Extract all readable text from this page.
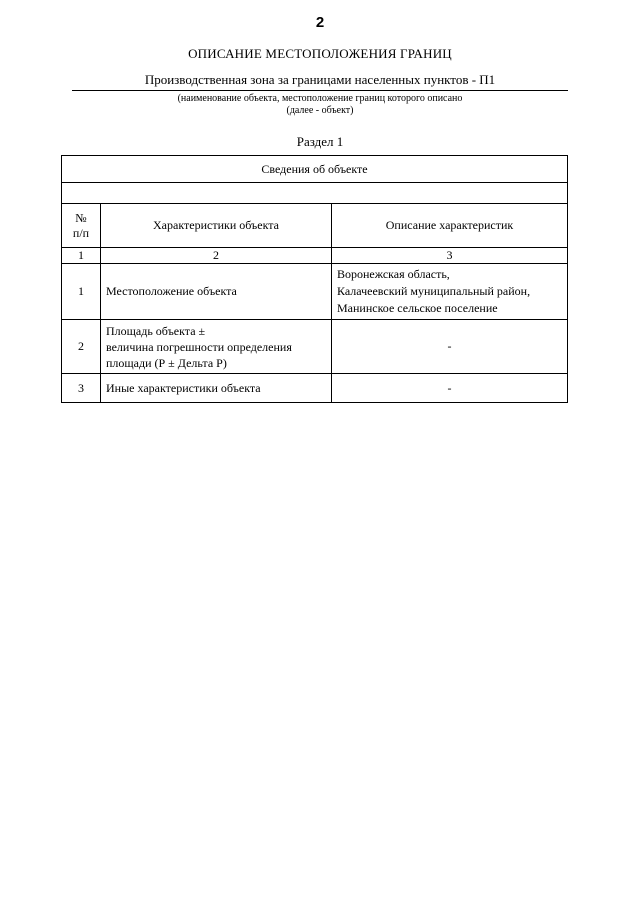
2
ОПИСАНИЕ МЕСТОПОЛОЖЕНИЯ ГРАНИЦ
Производственная зона за границами населенных пунктов - П1
(наименование объекта, местоположение границ которого описано
(далее - объект)
Раздел 1
Сведения об объекте		

№
п/п	Характеристики объекта	Описание характеристик
1	2	3
1	Местоположение объекта	Воронежская область,
Калачеевский муниципальный район,
Манинское сельское поселение

2	Площадь объекта ±
величина погрешности определения
площади (Р ± Дельта Р)	-
3	Иные характеристики объекта	-
